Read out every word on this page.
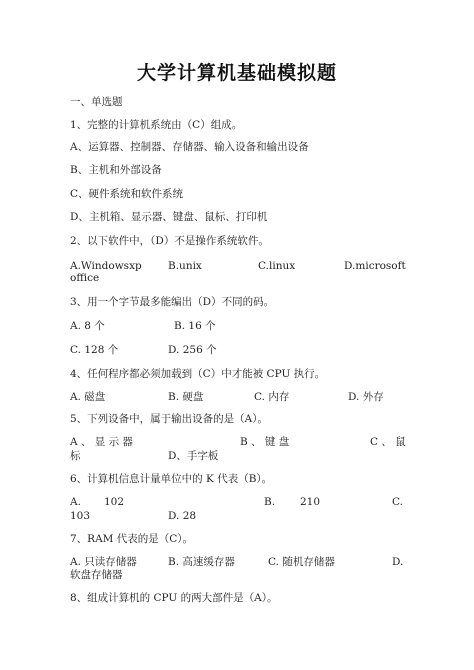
大学计算机基础模拟题
一、单选题
1、完整的计算机系统由（C）组成。
A、运算器、控制器、存储器、输入设备和输出设备
B、主机和外部设备
C、硬件系统和软件系统
D、主机箱、显示器、键盘、鼠标、打印机
2、以下软件中，（D）不是操作系统软件。
A.Windowsxp	B.unix	C.linux	D.microsoft
office
3、用一个字节最多能编出（D）不同的码。
A. 8 个	B. 16 个
C. 128 个	D. 256 个
4、任何程序都必须加载到（C）中才能被 CPU 执行。
A. 磁盘	B. 硬盘	C. 内存	D. 外存
5、下列设备中，属于输出设备的是（A）。
A 、 显 示 器	B 、 键 盘	C 、 鼠
标	D、手字板
6、计算机信息计量单位中的 K 代表（B）。
A. 102	B. 210	C.
103	D. 28
7、RAM 代表的是（C）。
A. 只读存储器	B. 高速缓存器	C. 随机存储器	D.
软盘存储器
8、组成计算机的 CPU 的两大部件是（A）。
